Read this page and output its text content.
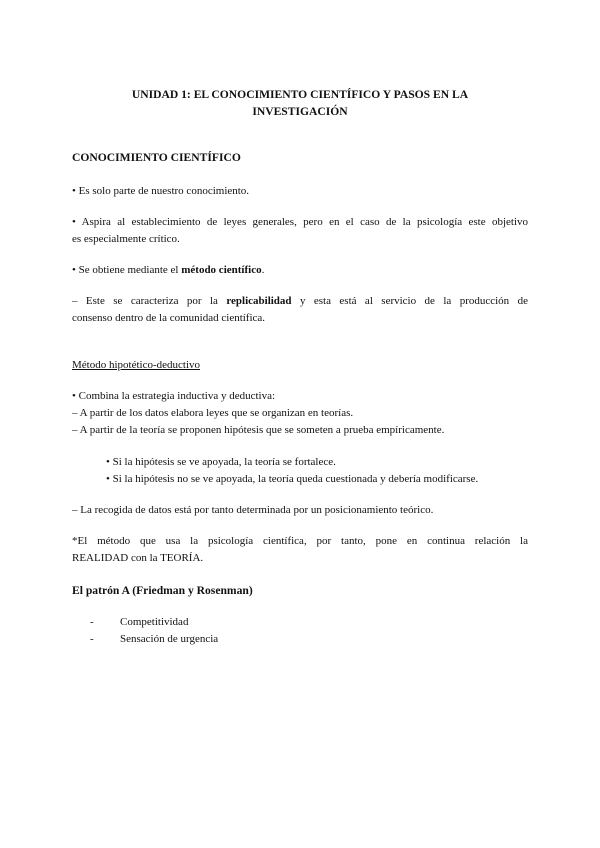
UNIDAD 1: EL CONOCIMIENTO CIENTÍFICO Y PASOS EN LA
INVESTIGACIÓN
CONOCIMIENTO CIENTÍFICO
• Es solo parte de nuestro conocimiento.
• Aspira al establecimiento de leyes generales, pero en el caso de la psicología este objetivo
es especialmente crítico.
• Se obtiene mediante el método científico.
– Este se caracteriza por la replicabilidad y esta está al servicio de la producción de
consenso dentro de la comunidad científica.
Método hipotético-deductivo
• Combina la estrategia inductiva y deductiva:
– A partir de los datos elabora leyes que se organizan en teorías.
– A partir de la teoría se proponen hipótesis que se someten a prueba empíricamente.
• Si la hipótesis se ve apoyada, la teoría se fortalece.
• Si la hipótesis no se ve apoyada, la teoría queda cuestionada y debería modificarse.
– La recogida de datos está por tanto determinada por un posicionamiento teórico.
*El método que usa la psicología científica, por tanto, pone en continua relación la
REALIDAD con la TEORÍA.
El patrón A (Friedman y Rosenman)
- Competitividad
- Sensación de urgencia
